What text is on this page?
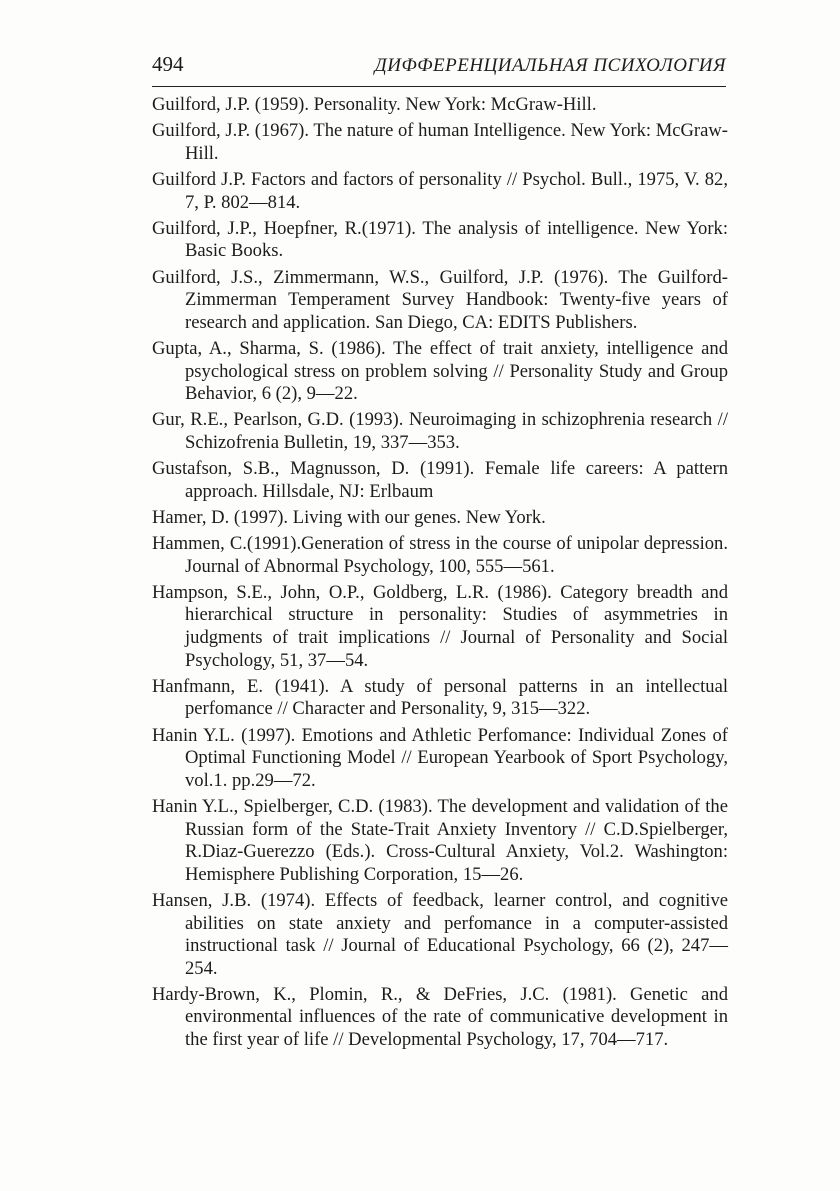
494	ДИФФЕРЕНЦИАЛЬНАЯ ПСИХОЛОГИЯ
Guilford, J.P. (1959). Personality. New York: McGraw-Hill.
Guilford, J.P. (1967). The nature of human Intelligence. New York: McGraw-Hill.
Guilford J.P. Factors and factors of personality // Psychol. Bull., 1975, V. 82, 7, P. 802—814.
Guilford, J.P., Hoepfner, R.(1971). The analysis of intelligence. New York: Basic Books.
Guilford, J.S., Zimmermann, W.S., Guilford, J.P. (1976). The Guilford-Zimmerman Temperament Survey Handbook: Twenty-five years of research and application. San Diego, CA: EDITS Publishers.
Gupta, A., Sharma, S. (1986). The effect of trait anxiety, intelligence and psychological stress on problem solving // Personality Study and Group Behavior, 6 (2), 9—22.
Gur, R.E., Pearlson, G.D. (1993). Neuroimaging in schizophrenia research // Schizofrenia Bulletin, 19, 337—353.
Gustafson, S.B., Magnusson, D. (1991). Female life careers: A pattern approach. Hillsdale, NJ: Erlbaum
Hamer, D. (1997). Living with our genes. New York.
Hammen, C.(1991).Generation of stress in the course of unipolar depression. Journal of Abnormal Psychology, 100, 555—561.
Hampson, S.E., John, O.P., Goldberg, L.R. (1986). Category breadth and hierarchical structure in personality: Studies of asymmetries in judgments of trait implications // Journal of Personality and Social Psychology, 51, 37—54.
Hanfmann, E. (1941). A study of personal patterns in an intellectual perfomance // Character and Personality, 9, 315—322.
Hanin Y.L. (1997). Emotions and Athletic Perfomance: Individual Zones of Optimal Functioning Model // European Yearbook of Sport Psychology, vol.1. pp.29—72.
Hanin Y.L., Spielberger, C.D. (1983). The development and validation of the Russian form of the State-Trait Anxiety Inventory // C.D.Spielberger, R.Diaz-Guerezzo (Eds.). Cross-Cultural Anxiety, Vol.2. Washington: Hemisphere Publishing Corporation, 15—26.
Hansen, J.B. (1974). Effects of feedback, learner control, and cognitive abilities on state anxiety and perfomance in a computer-assisted instructional task // Journal of Educational Psychology, 66 (2), 247—254.
Hardy-Brown, K., Plomin, R., & DeFries, J.C. (1981). Genetic and environmental influences of the rate of communicative development in the first year of life // Developmental Psychology, 17, 704—717.
